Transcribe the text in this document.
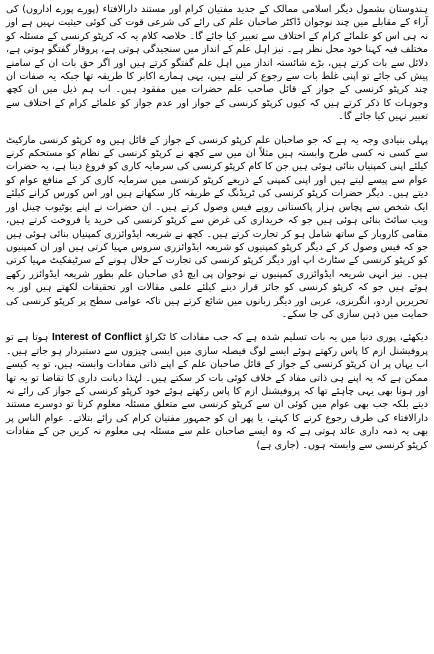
ہندوستان بشمول دیگر اسلامی ممالک کے جدید مفتیان کرام اور مستند دارالافتاء (پورے پورے اداروں) کی آراء کے مقابلے میں چند نوجوان ڈاکٹر صاحبان علم کی رائے کی شرعی قوت کی کوئی حیثیت نہیں ہے اور نہ ہی اس کو علمائے کرام کے اختلاف سے تعبیر کیا جائے گا۔ خلاصہ کلام یہ کہ کرپٹو کرنسی کے مسئلہ کو مختلف فیہ کہنا خود محل نظر ہے۔ نیز اہل علم کے انداز میں سنجیدگی ہوتی ہے، پروقار گفتگو ہوتی ہے، دلائل سے بات کرتے ہیں، بڑے شائستہ انداز میں اہل علم گفتگو کرتے ہیں اور اگر حق بات ان کے سامنے پیش کی جائے تو اپنی غلط بات سے رجوع کر لیتے ہیں، یہی ہمارے اکابر کا طریقہ تھا جبکہ یہ صفات ان چند کرپٹو کرنسی کے جواز کے قائل صاحب علم حضرات میں مفقود ہیں۔ اب ہم ذیل میں ان کچھ وجوہات کا ذکر کرتے ہیں کہ کیوں کرپٹو کرنسی کے جواز اور عدم جواز کو علمائے کرام کے اختلاف سے تعبیر نہیں کیا جائے گا۔

پہلی بنیادی وجہ یہ ہے کہ جو صاحبان علم کرپٹو کرنسی کے جواز کے قائل ہیں وہ کرپٹو کرنسی مارکیٹ سے کسی نہ کسی طرح وابستہ ہیں مثلاً ان میں سے کچھ نے کرپٹو کرنسی کے نظام کو مستحکم کرنے کیلئے اپنی کمپنیاں بنائی ہوئی ہیں جن کا کام کرپٹو کرنسی کی سرمایہ کاری کو فروغ دینا ہے، یہ حضرات عوام سے پیسے لیتے ہیں اور اپنی کمپنی کے ذریعے کرپٹو کرنسی میں سرمایہ کاری کر کے منافع عوام کو دیتے ہیں۔ دیگر حضرات کرپٹو کرنسی کی ٹریڈنگ کے طریقہ کار سکھاتے ہیں اور اس کورس کرانے کیلئے ایک شخص سے پچاس ہزار پاکستانی روپے فیس وصول کرتے ہیں۔ ان حضرات نے اپنے یوٹیوب چینل اور ویب سائٹ بنائی ہوئی ہیں جو کہ خریداری کی غرض سے کرپٹو کرنسی کی خرید یا فروخت کرتے ہیں، مقامی کاروبار کے ساتھ شامل ہو کر تجارت کرتے ہیں۔ کچھ نے شریعہ ایڈوائزری کمپنیاں بنائی ہوئی ہیں جو کہ فیس وصول کر کے دیگر کرپٹو کمپنیوں کو شریعہ ایڈوائزری سروس مہیا کرتی ہیں اور ان کمپنیوں کو کرپٹو کرنسی کے سٹارٹ اپ اور دیگر کرپٹو کرنسی کی تجارت کے حلال ہونے کے سرٹیفکیٹ مہیا کرتی ہیں۔ نیز انہی شریعہ ایڈوائزری کمپنیوں نے نوجوان پی ایچ ڈی صاحبان علم بطور شریعہ ایڈوائزر رکھے ہوئے ہیں جو کہ کرپٹو کرنسی کو جائز قرار دینے کیلئے علمی مقالات اور تحقیقات لکھتے ہیں اور یہ تحریریں اردو، انگریزی، عربی اور دیگر زبانوں میں شائع کرتے ہیں تاکہ عوامی سطح پر کرپٹو کرنسی کی حمایت میں ذہن سازی کی جا سکے۔

دیکھئے، پوری دنیا میں یہ بات تسلیم شدہ ہے کہ جب مفادات کا ٹکراؤ Interest of Conflict ہوتا ہے تو پروفیشنل ازم کا پاس رکھتے ہوئے ایسے لوگ فیصلہ سازی میں ایسی چیزوں سے دستبردار ہو جاتے ہیں۔ اب یہاں پر ان کرپٹو کرنسی کے جواز کے قائل صاحبان علم کے اپنے ذاتی مفادات وابستہ ہیں، تو یہ کیسے ممکن ہے کہ یہ اپنے ہی ذاتی مفاد کے خلاف کوئی بات کر سکتے ہیں۔ لہٰذا دیانت داری کا تقاضا تو یہ تھا اور ہونا بھی یہی چاہئے تھا کہ پروفیشنل ازم کا پاس رکھتے ہوئے خود کرپٹو کرنسی کے جواز کی رائے نہ دیتے بلکہ جب بھی عوام میں کوئی ان سے کرپٹو کرنسی سے متعلق مسئلہ معلوم کرتا تو دوسرے مستند دارالافتاء کی طرف رجوع کرنے کا کہتے، یا پھر ان کو جمہور مفتیان کرام کی رائے بتلاتے۔ عوام الناس پر بھی یہ ذمہ داری عائد ہوتی ہے کہ وہ ایسے صاحبان علم سے مسئلہ ہی معلوم نہ کریں جن کے مفادات کرپٹو کرنسی سے وابستہ ہوں۔ (جاری ہے)
